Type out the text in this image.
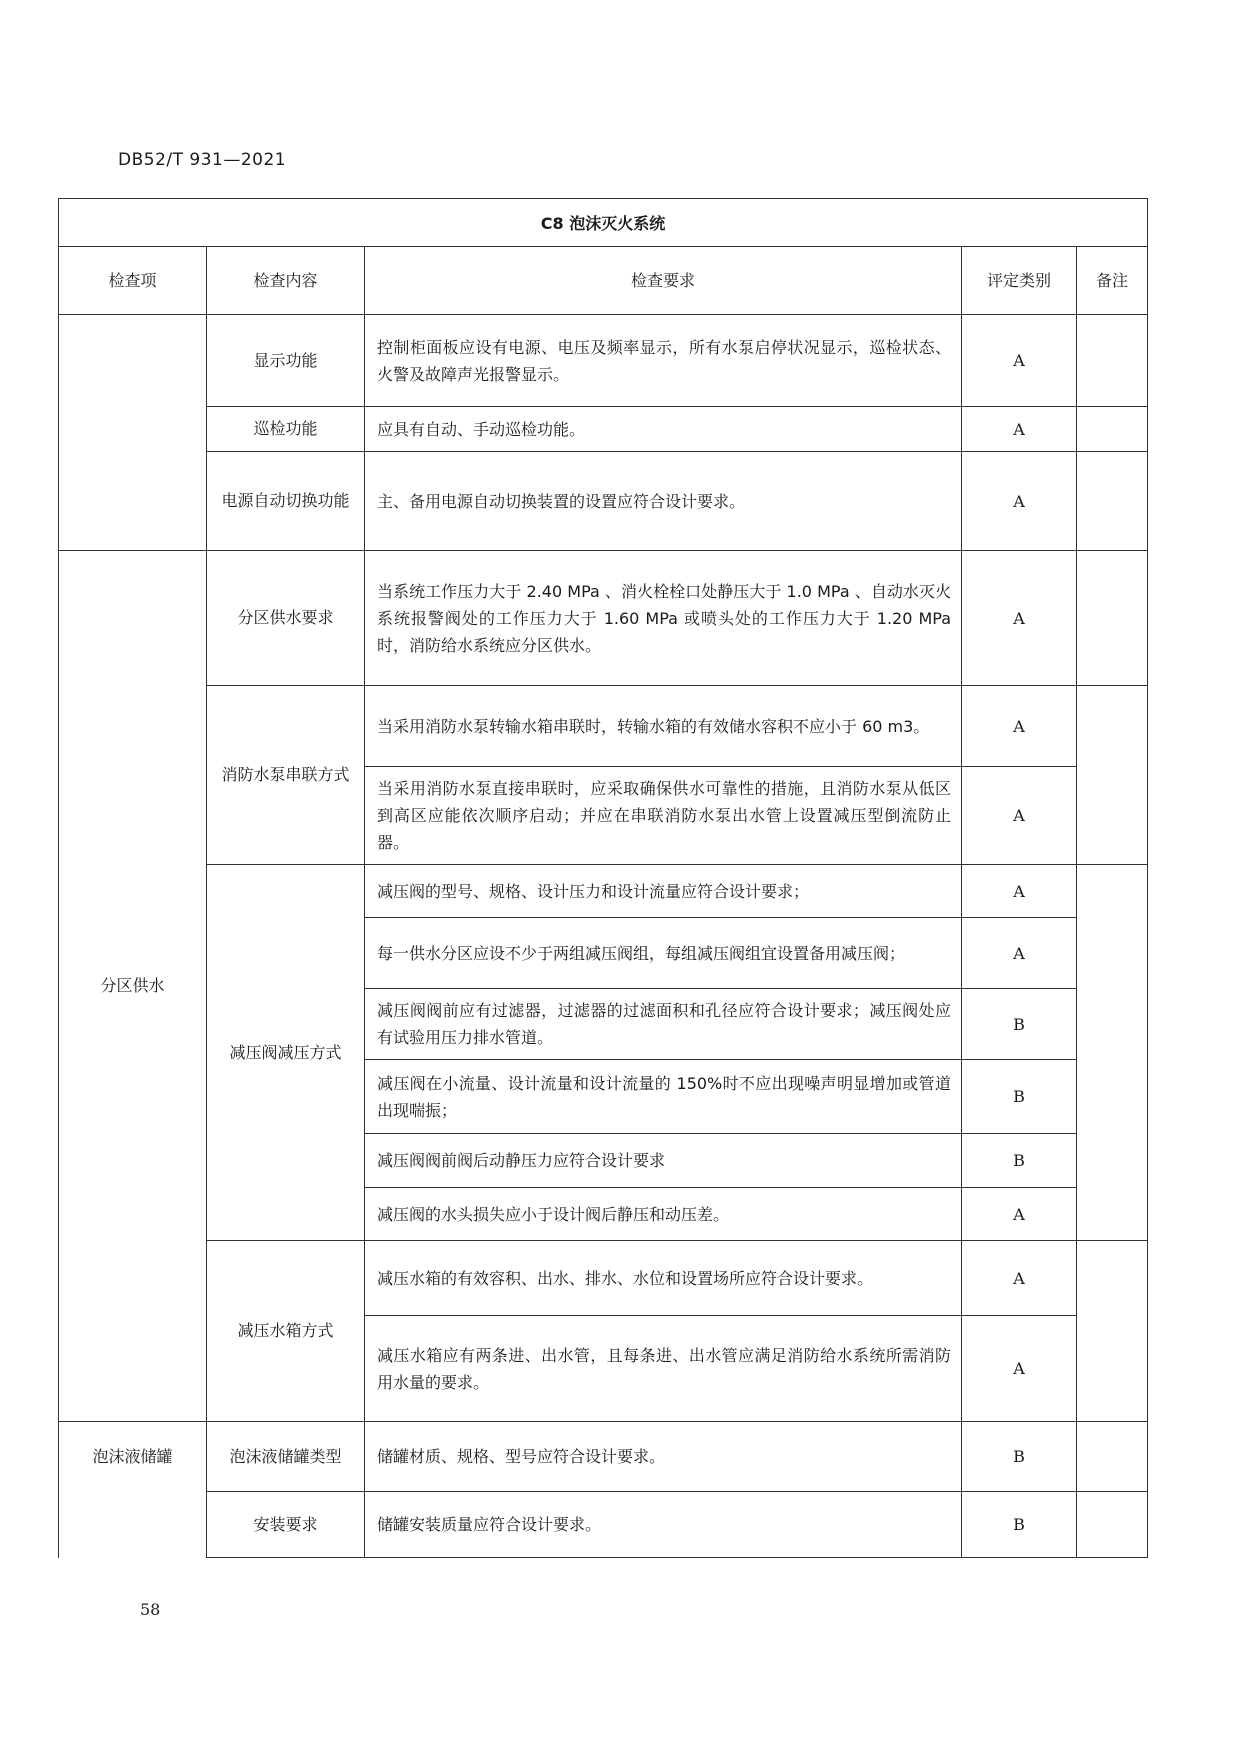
DB52/T 931—2021
C8 泡沫灭火系统				
检查项	检查内容	检查要求	评定类别	备注
	显示功能	控制柜面板应设有电源、电压及频率显示，所有水泵启停状况显示，巡检状态、火警及故障声光报警显示。	A	
	巡检功能	应具有自动、手动巡检功能。	A	
	电源自动切换功能	主、备用电源自动切换装置的设置应符合设计要求。	A	
分区供水	分区供水要求	当系统工作压力大于 2.40 MPa 、消火栓栓口处静压大于 1.0 MPa 、自动水灭火系统报警阀处的工作压力大于 1.60 MPa 或喷头处的工作压力大于 1.20 MPa 时，消防给水系统应分区供水。	A	
	消防水泵串联方式	当采用消防水泵转输水箱串联时，转输水箱的有效储水容积不应小于 60 m3。	A	
		当采用消防水泵直接串联时，应采取确保供水可靠性的措施，且消防水泵从低区到高区应能依次顺序启动；并应在串联消防水泵出水管上设置减压型倒流防止器。	A	
	减压阀减压方式	减压阀的型号、规格、设计压力和设计流量应符合设计要求；	A	
		每一供水分区应设不少于两组减压阀组，每组减压阀组宜设置备用减压阀；	A	
		减压阀阀前应有过滤器，过滤器的过滤面积和孔径应符合设计要求；减压阀处应有试验用压力排水管道。	B	
		减压阀在小流量、设计流量和设计流量的 150%时不应出现噪声明显增加或管道出现喘振；	B	
		减压阀阀前阀后动静压力应符合设计要求	B	
		减压阀的水头损失应小于设计阀后静压和动压差。	A	
	减压水箱方式	减压水箱的有效容积、出水、排水、水位和设置场所应符合设计要求。	A	
		减压水箱应有两条进、出水管，且每条进、出水管应满足消防给水系统所需消防用水量的要求。	A	
泡沫液储罐	泡沫液储罐类型	储罐材质、规格、型号应符合设计要求。	B	
	安装要求	储罐安装质量应符合设计要求。	B	
58
